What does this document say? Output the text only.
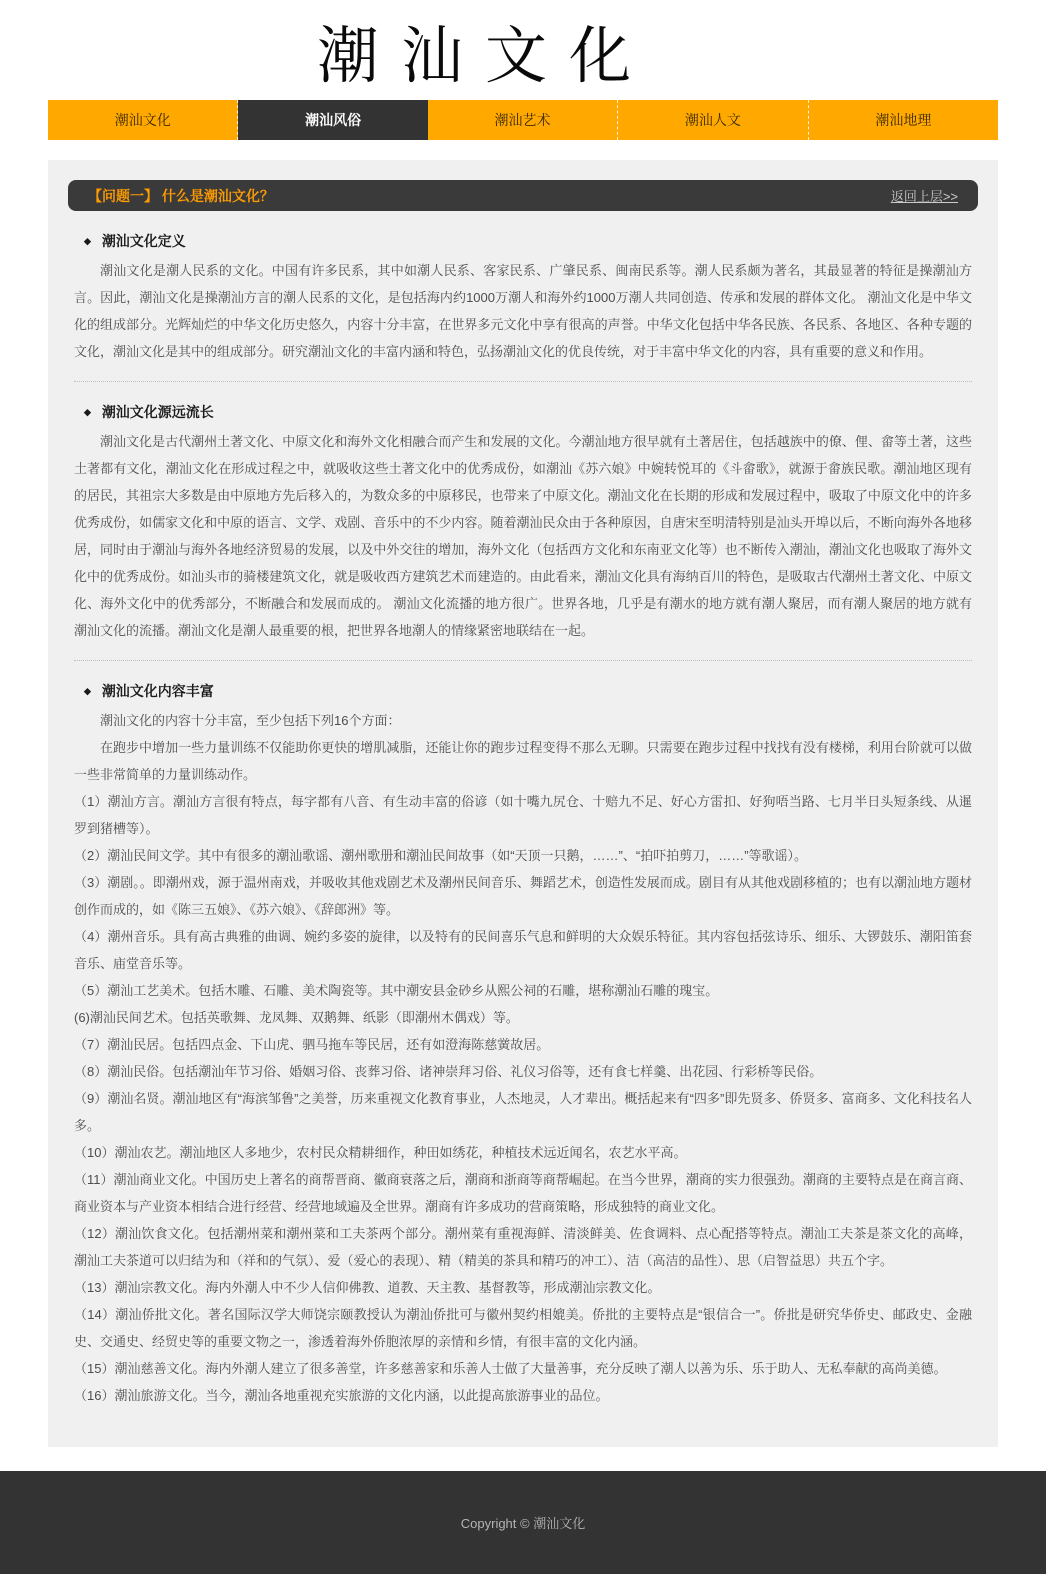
潮汕文化
潮汕文化	潮汕风俗	潮汕艺术	潮汕人文	潮汕地理
【问题一】 什么是潮汕文化？	返回上层>>
◆ 潮汕文化定义

潮汕文化是潮人民系的文化。中国有许多民系，其中如潮人民系、客家民系、广肇民系、闽南民系等。潮人民系颇为著名，其最显著的特征是操潮汕方言。因此，潮汕文化是操潮汕方言的潮人民系的文化，是包括海内约1000万潮人和海外约1000万潮人共同创造、传承和发展的群体文化。 潮汕文化是中华文化的组成部分。光辉灿烂的中华文化历史悠久，内容十分丰富，在世界多元文化中享有很高的声誉。中华文化包括中华各民族、各民系、各地区、各种专题的文化，潮汕文化是其中的组成部分。研究潮汕文化的丰富内涵和特色，弘扬潮汕文化的优良传统，对于丰富中华文化的内容，具有重要的意义和作用。

◆ 潮汕文化源远流长

潮汕文化是古代潮州土著文化、中原文化和海外文化相融合而产生和发展的文化。今潮汕地方很早就有土著居住，包括越族中的僚、俚、畲等土著，这些土著都有文化，潮汕文化在形成过程之中，就吸收这些土著文化中的优秀成份，如潮汕《苏六娘》中婉转悦耳的《斗畲歌》，就源于畲族民歌。潮汕地区现有的居民，其祖宗大多数是由中原地方先后移入的，为数众多的中原移民，也带来了中原文化。潮汕文化在长期的形成和发展过程中，吸取了中原文化中的许多优秀成份，如儒家文化和中原的语言、文学、戏剧、音乐中的不少内容。随着潮汕民众由于各种原因，自唐宋至明清特别是汕头开埠以后，不断向海外各地移居，同时由于潮汕与海外各地经济贸易的发展，以及中外交往的增加，海外文化（包括西方文化和东南亚文化等）也不断传入潮汕，潮汕文化也吸取了海外文化中的优秀成份。如汕头市的骑楼建筑文化，就是吸收西方建筑艺术而建造的。由此看来，潮汕文化具有海纳百川的特色，是吸取古代潮州土著文化、中原文化、海外文化中的优秀部分，不断融合和发展而成的。 潮汕文化流播的地方很广。世界各地，几乎是有潮水的地方就有潮人聚居，而有潮人聚居的地方就有潮汕文化的流播。潮汕文化是潮人最重要的根，把世界各地潮人的情缘紧密地联结在一起。

◆ 潮汕文化内容丰富

潮汕文化的内容十分丰富，至少包括下列16个方面：

在跑步中增加一些力量训练不仅能助你更快的增肌减脂，还能让你的跑步过程变得不那么无聊。只需要在跑步过程中找找有没有楼梯，利用台阶就可以做一些非常简单的力量训练动作。

（1）潮汕方言。潮汕方言很有特点，每字都有八音、有生动丰富的俗谚（如十嘴九尻仓、十赔九不足、好心方雷扣、好狗唔当路、七月半日头短条线、从暹罗到猪槽等）。

（2）潮汕民间文学。其中有很多的潮汕歌谣、潮州歌册和潮汕民间故事（如“天顶一只鹅，……”、“拍吓拍剪刀，……”等歌谣）。

（3）潮剧。。即潮州戏，源于温州南戏，并吸收其他戏剧艺术及潮州民间音乐、舞蹈艺术，创造性发展而成。剧目有从其他戏剧移植的；也有以潮汕地方题材创作而成的，如《陈三五娘》、《苏六娘》、《辞郎洲》等。

（4）潮州音乐。具有高古典雅的曲调、婉约多姿的旋律，以及特有的民间喜乐气息和鲜明的大众娱乐特征。其内容包括弦诗乐、细乐、大锣鼓乐、潮阳笛套音乐、庙堂音乐等。

（5）潮汕工艺美术。包括木雕、石雕、美术陶瓷等。其中潮安县金砂乡从熙公祠的石雕，堪称潮汕石雕的瑰宝。

(6)潮汕民间艺术。包括英歌舞、龙凤舞、双鹅舞、纸影（即潮州木偶戏）等。

（7）潮汕民居。包括四点金、下山虎、驷马拖车等民居，还有如澄海陈慈黉故居。

（8）潮汕民俗。包括潮汕年节习俗、婚姻习俗、丧葬习俗、诸神崇拜习俗、礼仪习俗等，还有食七样羹、出花园、行彩桥等民俗。

（9）潮汕名贤。潮汕地区有“海滨邹鲁”之美誉，历来重视文化教育事业，人杰地灵，人才辈出。概括起来有“四多”即先贤多、侨贤多、富商多、文化科技名人多。

（10）潮汕农艺。潮汕地区人多地少，农村民众精耕细作，种田如绣花，种植技术远近闻名，农艺水平高。

（11）潮汕商业文化。中国历史上著名的商帮晋商、徽商衰落之后，潮商和浙商等商帮崛起。在当今世界，潮商的实力很强劲。潮商的主要特点是在商言商、商业资本与产业资本相结合进行经营、经营地域遍及全世界。潮商有许多成功的营商策略，形成独特的商业文化。

（12）潮汕饮食文化。包括潮州菜和潮州菜和工夫茶两个部分。潮州菜有重视海鲜、清淡鲜美、佐食调料、点心配搭等特点。潮汕工夫茶是茶文化的高峰，潮汕工夫茶道可以归结为和（祥和的气氛）、爱（爱心的表现）、精（精美的茶具和精巧的冲工）、洁（高洁的品性）、思（启智益思）共五个字。

（13）潮汕宗教文化。海内外潮人中不少人信仰佛教、道教、天主教、基督教等，形成潮汕宗教文化。

（14）潮汕侨批文化。著名国际汉学大师饶宗颐教授认为潮汕侨批可与徽州契约相媲美。侨批的主要特点是“银信合一”。侨批是研究华侨史、邮政史、金融史、交通史、经贸史等的重要文物之一，渗透着海外侨胞浓厚的亲情和乡情，有很丰富的文化内涵。

（15）潮汕慈善文化。海内外潮人建立了很多善堂，许多慈善家和乐善人士做了大量善事，充分反映了潮人以善为乐、乐于助人、无私奉献的高尚美德。

（16）潮汕旅游文化。当今，潮汕各地重视充实旅游的文化内涵，以此提高旅游事业的品位。

Copyright © 潮汕文化
